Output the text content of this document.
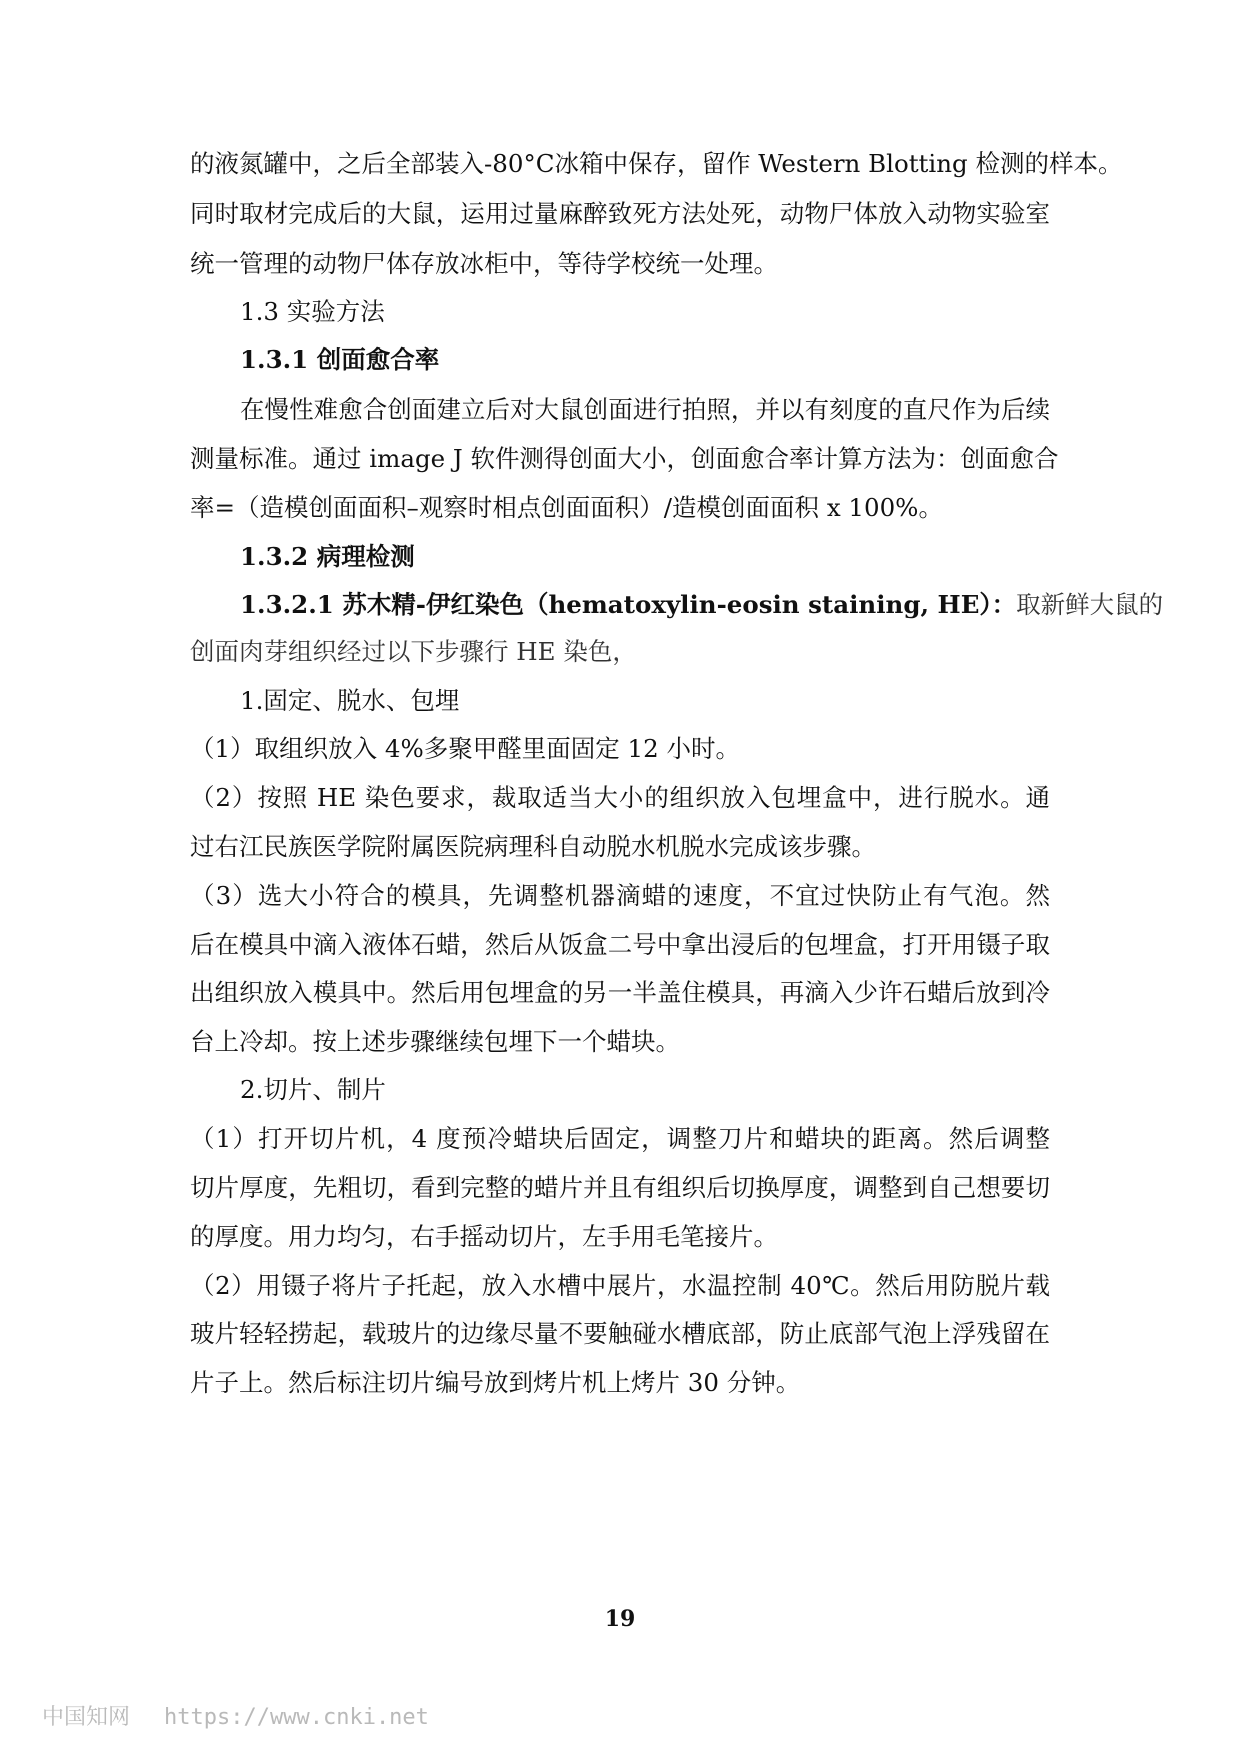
的液氮罐中，之后全部装入-80°C冰箱中保存，留作 Western Blotting 检测的样本。
同时取材完成后的大鼠，运用过量麻醉致死方法处死，动物尸体放入动物实验室
统一管理的动物尸体存放冰柜中，等待学校统一处理。
1.3 实验方法
1.3.1 创面愈合率
在慢性难愈合创面建立后对大鼠创面进行拍照，并以有刻度的直尺作为后续
测量标准。通过 image J 软件测得创面大小，创面愈合率计算方法为：创面愈合
率=（造模创面面积–观察时相点创面面积）/造模创面面积 x 100%。
1.3.2 病理检测
1.3.2.1 苏木精-伊红染色（hematoxylin-eosin staining, HE）：取新鲜大鼠的
创面肉芽组织经过以下步骤行 HE 染色，
1.固定、脱水、包埋
（1）取组织放入 4%多聚甲醛里面固定 12 小时。
（2）按照 HE 染色要求，裁取适当大小的组织放入包埋盒中，进行脱水。通
过右江民族医学院附属医院病理科自动脱水机脱水完成该步骤。
（3）选大小符合的模具，先调整机器滴蜡的速度，不宜过快防止有气泡。然
后在模具中滴入液体石蜡，然后从饭盒二号中拿出浸后的包埋盒，打开用镊子取
出组织放入模具中。然后用包埋盒的另一半盖住模具，再滴入少许石蜡后放到冷
台上冷却。按上述步骤继续包埋下一个蜡块。
2.切片、制片
（1）打开切片机，4 度预冷蜡块后固定，调整刀片和蜡块的距离。然后调整
切片厚度，先粗切，看到完整的蜡片并且有组织后切换厚度，调整到自己想要切
的厚度。用力均匀，右手摇动切片，左手用毛笔接片。
（2）用镊子将片子托起，放入水槽中展片，水温控制 40℃。然后用防脱片载
玻片轻轻捞起，载玻片的边缘尽量不要触碰水槽底部，防止底部气泡上浮残留在
片子上。然后标注切片编号放到烤片机上烤片 30 分钟。
19
中国知网 https://www.cnki.net
